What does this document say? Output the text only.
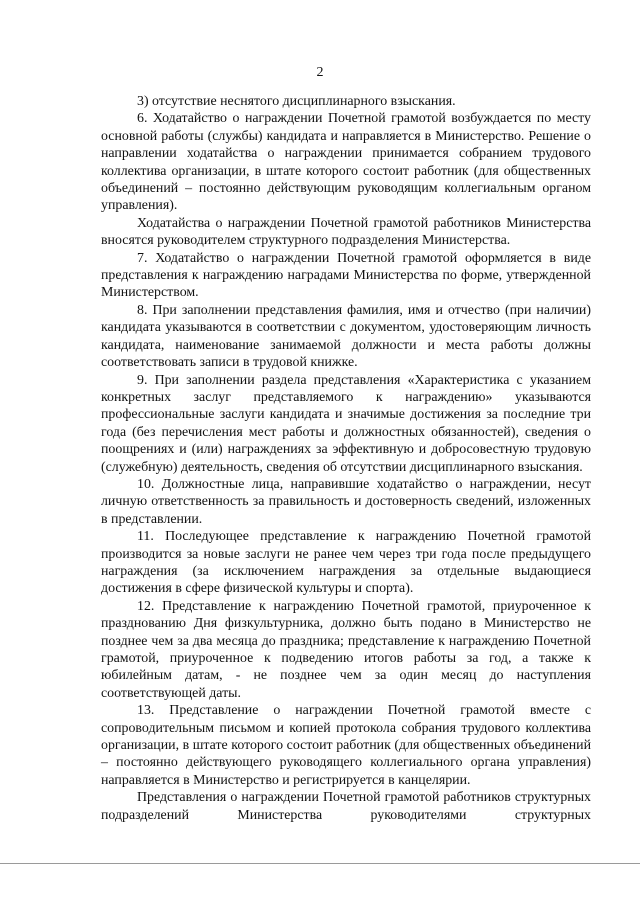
2

3) отсутствие неснятого дисциплинарного взыскания.

6. Ходатайство о награждении Почетной грамотой возбуждается по месту основной работы (службы) кандидата и направляется в Министерство. Решение о направлении ходатайства о награждении принимается собранием трудового коллектива организации, в штате которого состоит работник (для общественных объединений – постоянно действующим руководящим коллегиальным органом управления).

Ходатайства о награждении Почетной грамотой работников Министерства вносятся руководителем структурного подразделения Министерства.

7. Ходатайство о награждении Почетной грамотой оформляется в виде представления к награждению наградами Министерства по форме, утвержденной Министерством.

8. При заполнении представления фамилия, имя и отчество (при наличии) кандидата указываются в соответствии с документом, удостоверяющим личность кандидата, наименование занимаемой должности и места работы должны соответствовать записи в трудовой книжке.

9. При заполнении раздела представления «Характеристика с указанием конкретных заслуг представляемого к награждению» указываются профессиональные заслуги кандидата и значимые достижения за последние три года (без перечисления мест работы и должностных обязанностей), сведения о поощрениях и (или) награждениях за эффективную и добросовестную трудовую (служебную) деятельность, сведения об отсутствии дисциплинарного взыскания.

10. Должностные лица, направившие ходатайство о награждении, несут личную ответственность за правильность и достоверность сведений, изложенных в представлении.

11. Последующее представление к награждению Почетной грамотой производится за новые заслуги не ранее чем через три года после предыдущего награждения (за исключением награждения за отдельные выдающиеся достижения в сфере физической культуры и спорта).

12. Представление к награждению Почетной грамотой, приуроченное к празднованию Дня физкультурника, должно быть подано в Министерство не позднее чем за два месяца до праздника; представление к награждению Почетной грамотой, приуроченное к подведению итогов работы за год, а также к юбилейным датам, - не позднее чем за один месяц до наступления соответствующей даты.

13. Представление о награждении Почетной грамотой вместе с сопроводительным письмом и копией протокола собрания трудового коллектива организации, в штате которого состоит работник (для общественных объединений – постоянно действующего руководящего коллегиального органа управления) направляется в Министерство и регистрируется в канцелярии.

Представления о награждении Почетной грамотой работников структурных подразделений Министерства руководителями структурных
